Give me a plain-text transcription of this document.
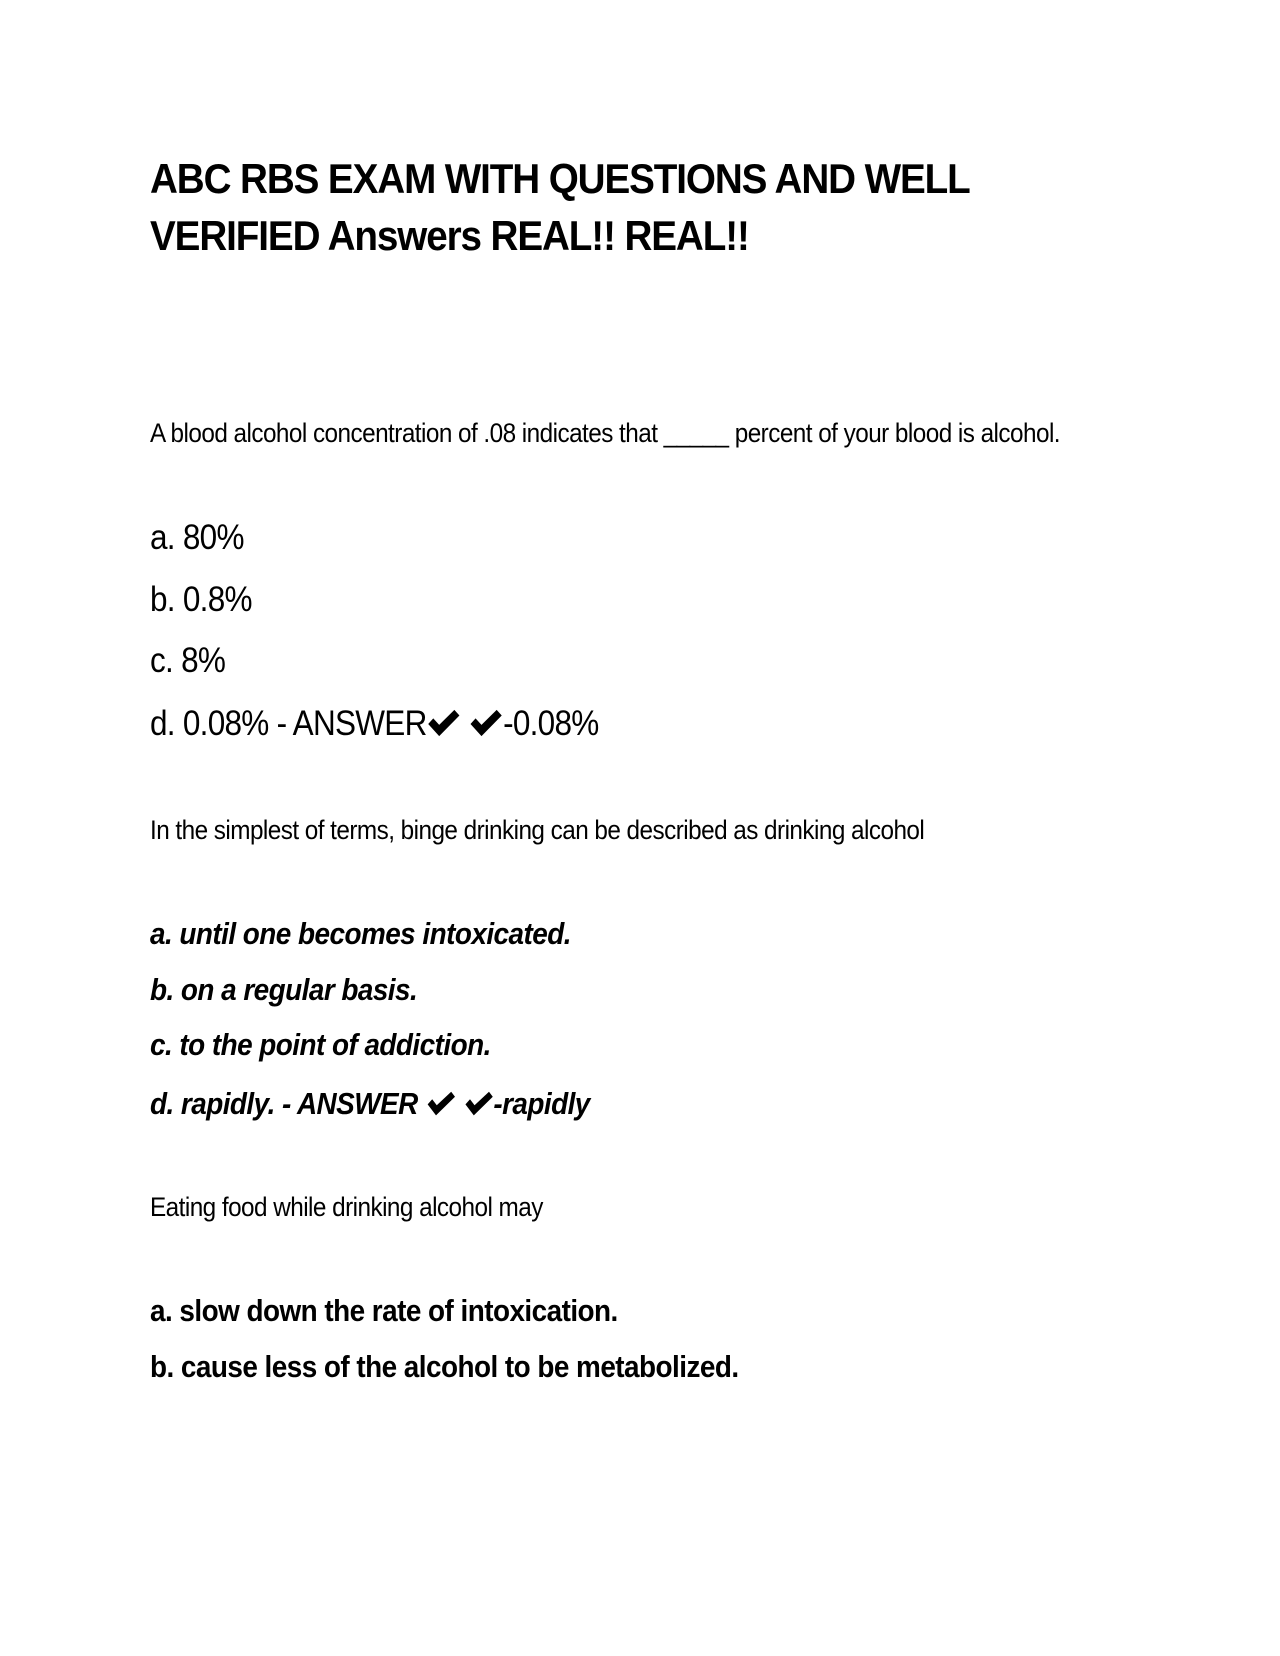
ABC RBS EXAM WITH QUESTIONS AND WELL
VERIFIED Answers REAL!! REAL!!

A blood alcohol concentration of .08 indicates that _____ percent of your blood is alcohol.

a. 80%

b. 0.8%

c. 8%

d. 0.08% - ANSWER -0.08%

In the simplest of terms, binge drinking can be described as drinking alcohol

a. until one becomes intoxicated.

b. on a regular basis.

c. to the point of addiction.

d. rapidly. - ANSWER -rapidly

Eating food while drinking alcohol may

a. slow down the rate of intoxication.

b. cause less of the alcohol to be metabolized.
